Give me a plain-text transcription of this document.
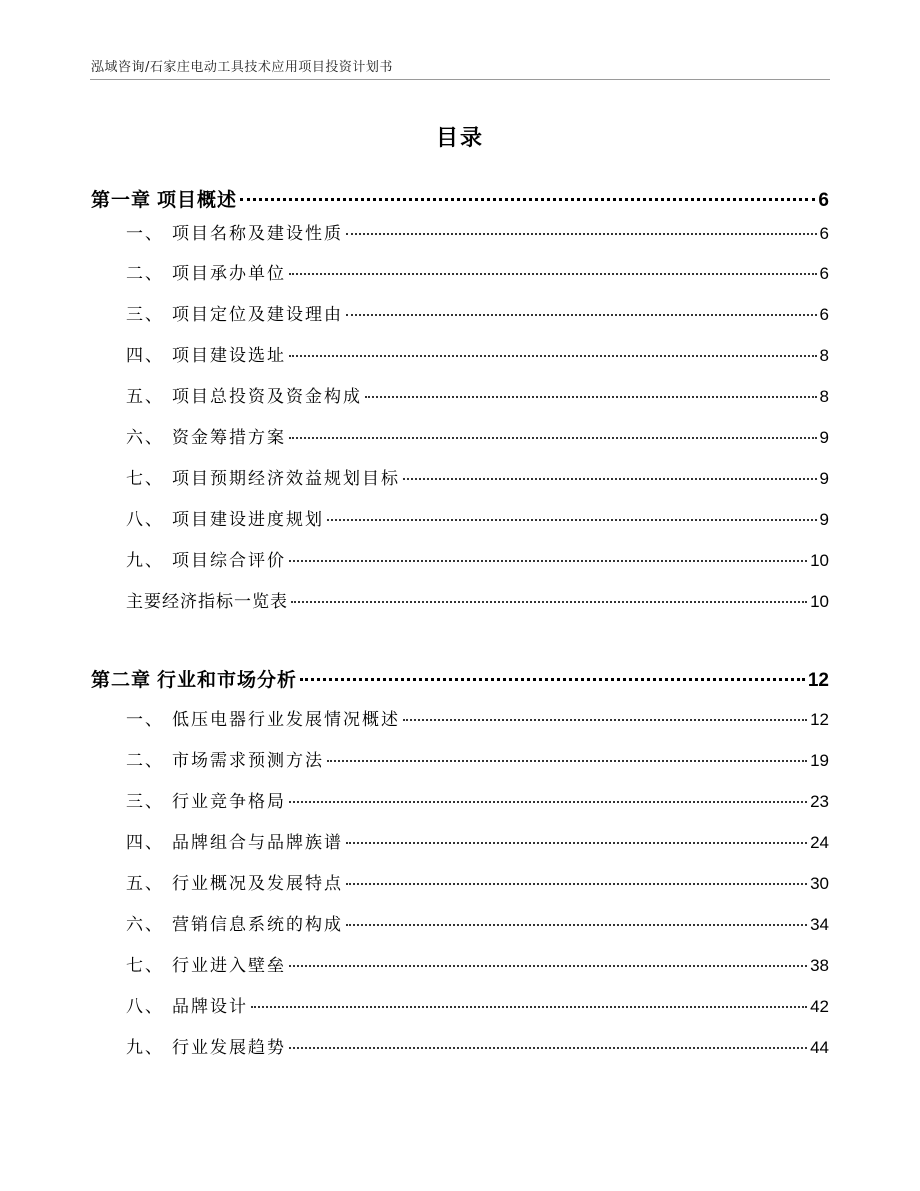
泓域咨询/石家庄电动工具技术应用项目投资计划书
目录
第一章 项目概述	6
一、 项目名称及建设性质	6
二、 项目承办单位	6
三、 项目定位及建设理由	6
四、 项目建设选址	8
五、 项目总投资及资金构成	8
六、 资金筹措方案	9
七、 项目预期经济效益规划目标	9
八、 项目建设进度规划	9
九、 项目综合评价	10
主要经济指标一览表	10
第二章 行业和市场分析	12
一、 低压电器行业发展情况概述	12
二、 市场需求预测方法	19
三、 行业竞争格局	23
四、 品牌组合与品牌族谱	24
五、 行业概况及发展特点	30
六、 营销信息系统的构成	34
七、 行业进入壁垒	38
八、 品牌设计	42
九、 行业发展趋势	44
